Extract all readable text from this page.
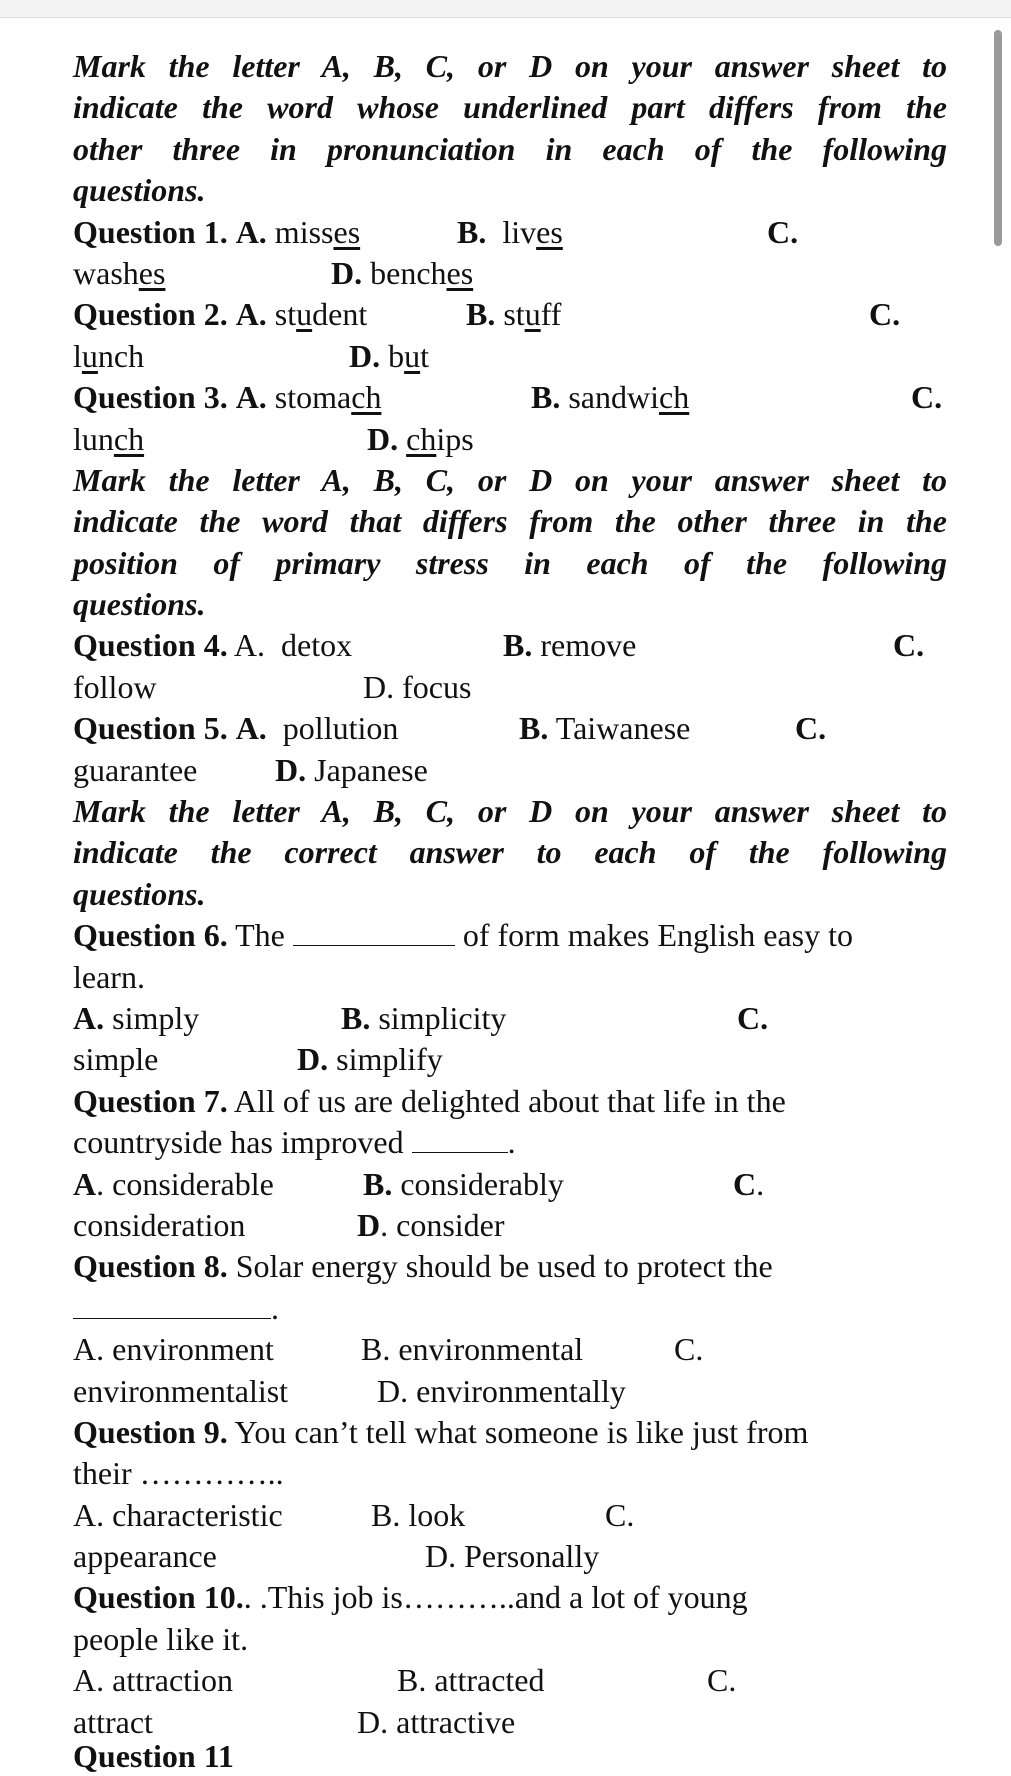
Mark the letter A, B, C, or D on your answer sheet to
indicate the word whose underlined part differs from the
other three in pronunciation in each of the following
questions.
Question 1. A. misses	B. lives	C.
washes	D. benches
Question 2. A. student	B. stuff	C.
lunch	D. but
Question 3. A. stomach	B. sandwich	C.
lunch	D. chips
Mark the letter A, B, C, or D on your answer sheet to
indicate the word that differs from the other three in the
position of primary stress in each of the following
questions.
Question 4. A. detox	B. remove	C.
follow	D. focus
Question 5. A. pollution	B. Taiwanese	C.
guarantee D. Japanese
Mark the letter A, B, C, or D on your answer sheet to
indicate the correct answer to each of the following
questions.
Question 6. The	of form makes English easy to
learn.
A. simply	B. simplicity	C.
simple	D. simplify
Question 7. All of us are delighted about that life in the
countryside has improved	.
A. considerable	B. considerably	C.
consideration	D. consider
Question 8. Solar energy should be used to protect the
.
A. environment	B. environmental	C.
environmentalist	D. environmentally
Question 9. You can’t tell what someone is like just from
their …………..
A. characteristic	B. look	C.
appearance	D. Personally
Question 10.. .This job is………..and a lot of young
people like it.
A. attraction	B. attracted	C.
attract	D. attractive
Question 11
